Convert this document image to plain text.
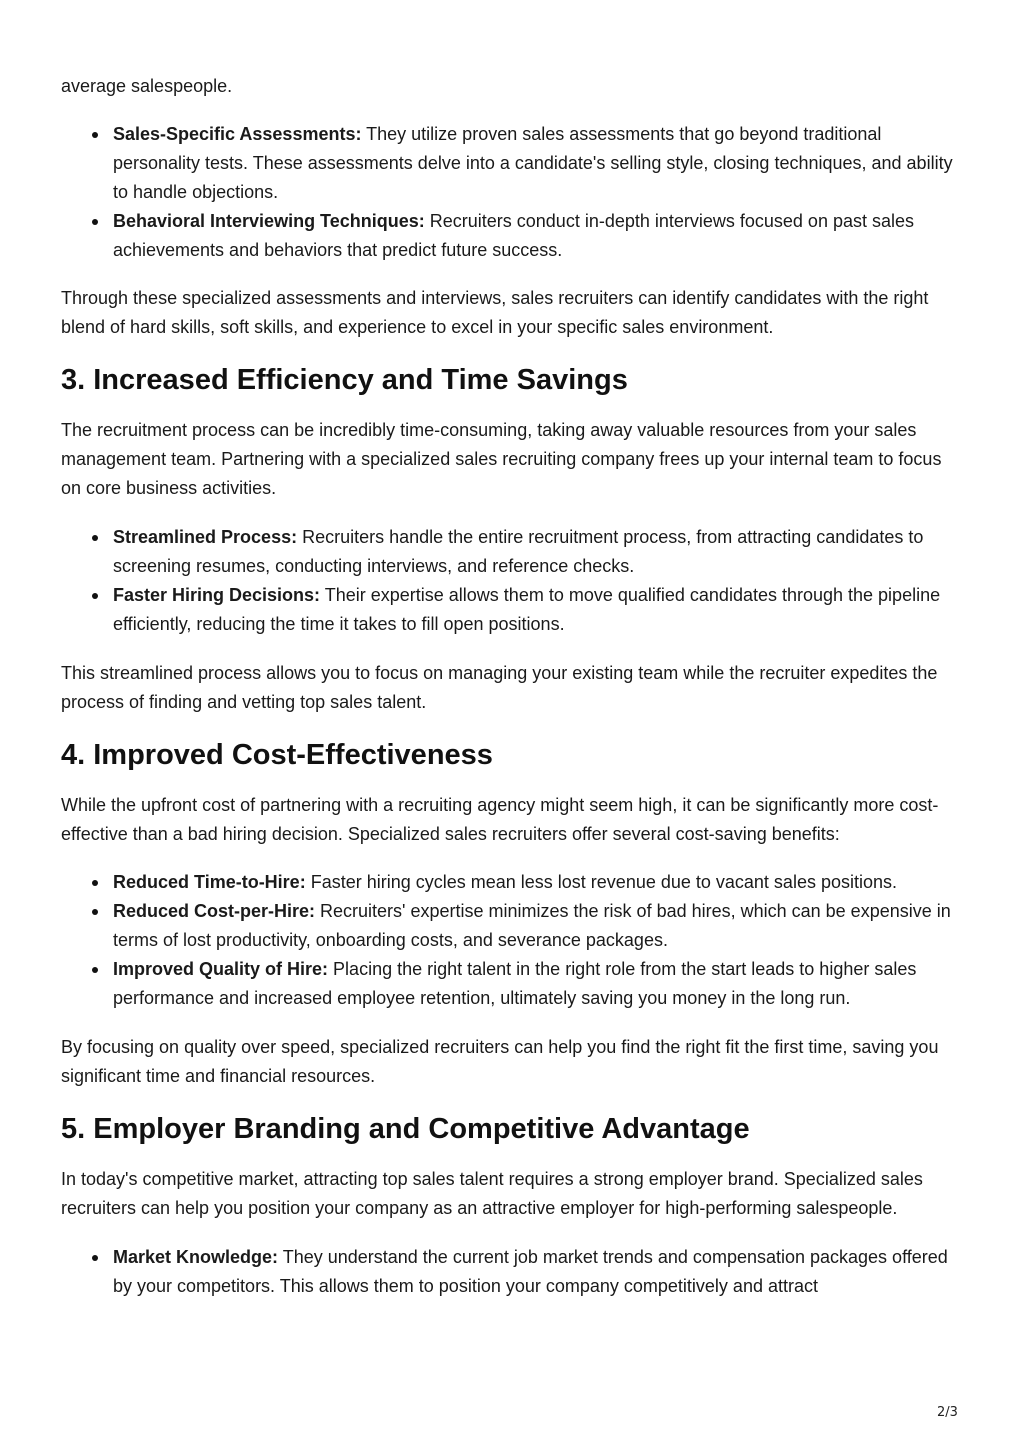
average salespeople.

Sales-Specific Assessments: They utilize proven sales assessments that go beyond traditional personality tests. These assessments delve into a candidate's selling style, closing techniques, and ability to handle objections.
Behavioral Interviewing Techniques: Recruiters conduct in-depth interviews focused on past sales achievements and behaviors that predict future success.

Through these specialized assessments and interviews, sales recruiters can identify candidates with the right blend of hard skills, soft skills, and experience to excel in your specific sales environment.

3. Increased Efficiency and Time Savings

The recruitment process can be incredibly time-consuming, taking away valuable resources from your sales management team. Partnering with a specialized sales recruiting company frees up your internal team to focus on core business activities.

Streamlined Process: Recruiters handle the entire recruitment process, from attracting candidates to screening resumes, conducting interviews, and reference checks.
Faster Hiring Decisions: Their expertise allows them to move qualified candidates through the pipeline efficiently, reducing the time it takes to fill open positions.

This streamlined process allows you to focus on managing your existing team while the recruiter expedites the process of finding and vetting top sales talent.

4. Improved Cost-Effectiveness

While the upfront cost of partnering with a recruiting agency might seem high, it can be significantly more cost-effective than a bad hiring decision. Specialized sales recruiters offer several cost-saving benefits:

Reduced Time-to-Hire: Faster hiring cycles mean less lost revenue due to vacant sales positions.
Reduced Cost-per-Hire: Recruiters' expertise minimizes the risk of bad hires, which can be expensive in terms of lost productivity, onboarding costs, and severance packages.
Improved Quality of Hire: Placing the right talent in the right role from the start leads to higher sales performance and increased employee retention, ultimately saving you money in the long run.

By focusing on quality over speed, specialized recruiters can help you find the right fit the first time, saving you significant time and financial resources.

5. Employer Branding and Competitive Advantage

In today's competitive market, attracting top sales talent requires a strong employer brand. Specialized sales recruiters can help you position your company as an attractive employer for high-performing salespeople.

Market Knowledge: They understand the current job market trends and compensation packages offered by your competitors. This allows them to position your company competitively and attract
2/3
